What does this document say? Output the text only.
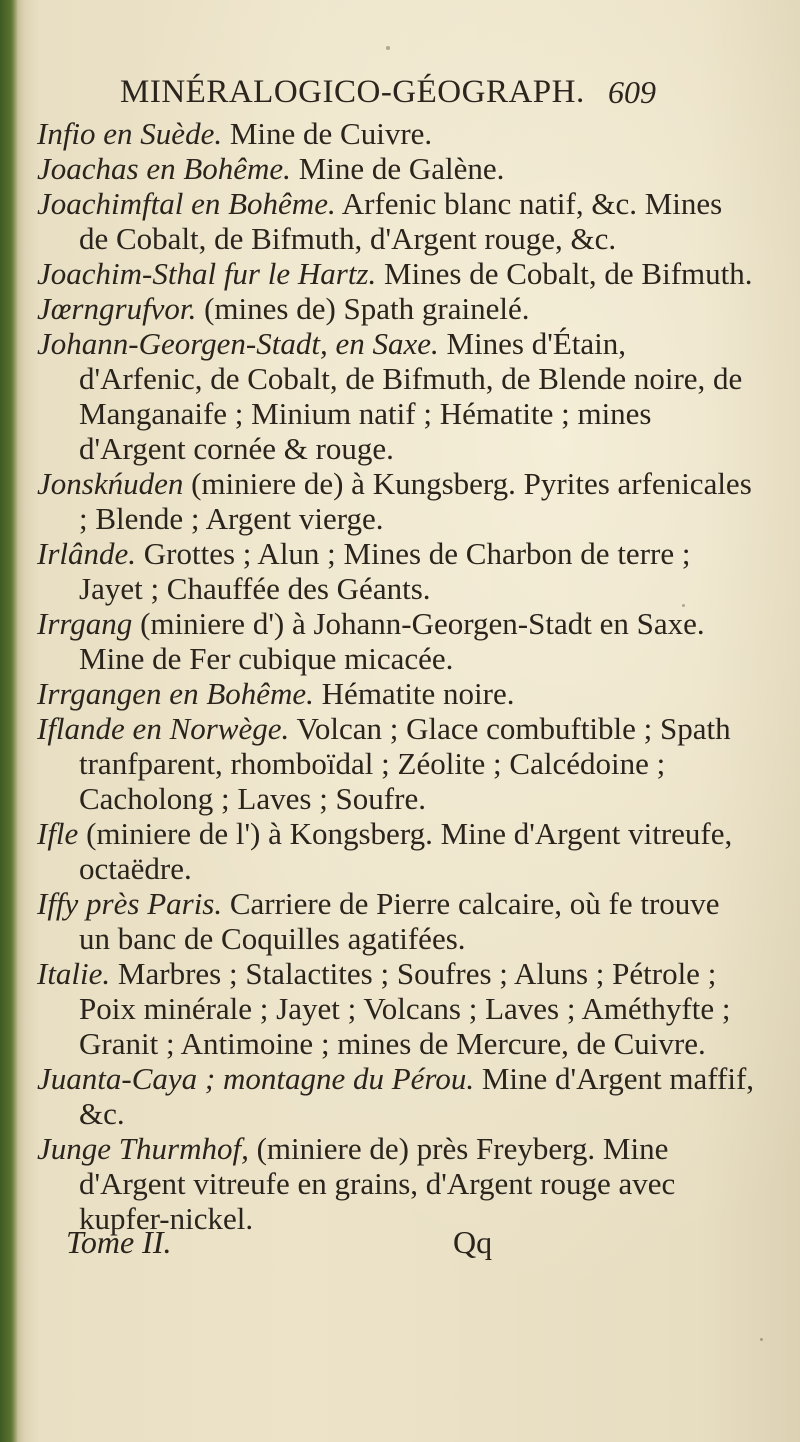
MINÉRALOGICO-GÉOGRAPH. 609

Infio en Suède. Mine de Cuivre.

Joachas en Bohême. Mine de Galène.

Joachimftal en Bohême. Arfenic blanc natif, &c. Mines de Cobalt, de Bifmuth, d'Argent rouge, &c.

Joachim-Sthal fur le Hartz. Mines de Cobalt, de Bifmuth.

Jœrngrufvor. (mines de) Spath grainelé.

Johann-Georgen-Stadt, en Saxe. Mines d'Étain, d'Arfenic, de Cobalt, de Bifmuth, de Blende noire, de Manganaife ; Minium natif ; Hématite ; mines d'Argent cornée & rouge.

Jonskńuden (miniere de) à Kungsberg. Pyrites arfenicales ; Blende ; Argent vierge.

Irlânde. Grottes ; Alun ; Mines de Charbon de terre ; Jayet ; Chauffée des Géants.

Irrgang (miniere d') à Johann-Georgen-Stadt en Saxe. Mine de Fer cubique micacée.

Irrgangen en Bohême. Hématite noire.

Iflande en Norwège. Volcan ; Glace combuftible ; Spath tranfparent, rhomboïdal ; Zéolite ; Calcédoine ; Cacholong ; Laves ; Soufre.

Ifle (miniere de l') à Kongsberg. Mine d'Argent vitreufe, octaëdre.

Iffy près Paris. Carriere de Pierre calcaire, où fe trouve un banc de Coquilles agatifées.

Italie. Marbres ; Stalactites ; Soufres ; Aluns ; Pétrole ; Poix minérale ; Jayet ; Volcans ; Laves ; Améthyfte ; Granit ; Antimoine ; mines de Mercure, de Cuivre.

Juanta-Caya ; montagne du Pérou. Mine d'Argent maffif, &c.

Junge Thurmhof, (miniere de) près Freyberg. Mine d'Argent vitreufe en grains, d'Argent rouge avec kupfer-nickel.

Tome II.	Qq
